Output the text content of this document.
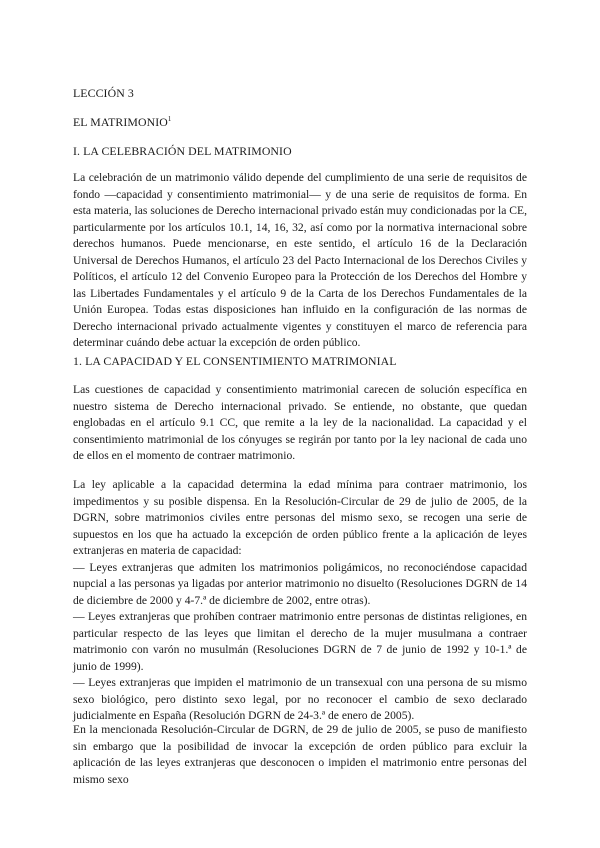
LECCIÓN 3
EL MATRIMONIO$^1$
I. LA CELEBRACIÓN DEL MATRIMONIO

La celebración de un matrimonio válido depende del cumplimiento de una serie de requisitos de fondo —capacidad y consentimiento matrimonial— y de una serie de requisitos de forma. En esta materia, las soluciones de Derecho internacional privado están muy condicionadas por la CE, particularmente por los artículos 10.1, 14, 16, 32, así como por la normativa internacional sobre derechos humanos. Puede mencionarse, en este sentido, el artículo 16 de la Declaración Universal de Derechos Humanos, el artículo 23 del Pacto Internacional de los Derechos Civiles y Políticos, el artículo 12 del Convenio Europeo para la Protección de los Derechos del Hombre y las Libertades Fundamentales y el artículo 9 de la Carta de los Derechos Fundamentales de la Unión Europea. Todas estas disposiciones han influido en la configuración de las normas de Derecho internacional privado actualmente vigentes y constituyen el marco de referencia para determinar cuándo debe actuar la excepción de orden público.

1. LA CAPACIDAD Y EL CONSENTIMIENTO MATRIMONIAL

Las cuestiones de capacidad y consentimiento matrimonial carecen de solución específica en nuestro sistema de Derecho internacional privado. Se entiende, no obstante, que quedan englobadas en el artículo 9.1 CC, que remite a la ley de la nacionalidad. La capacidad y el consentimiento matrimonial de los cónyuges se regirán por tanto por la ley nacional de cada uno de ellos en el momento de contraer matrimonio.

La ley aplicable a la capacidad determina la edad mínima para contraer matrimonio, los impedimentos y su posible dispensa. En la Resolución-Circular de 29 de julio de 2005, de la DGRN, sobre matrimonios civiles entre personas del mismo sexo, se recogen una serie de supuestos en los que ha actuado la excepción de orden público frente a la aplicación de leyes extranjeras en materia de capacidad:
— Leyes extranjeras que admiten los matrimonios poligámicos, no reconociéndose capacidad nupcial a las personas ya ligadas por anterior matrimonio no disuelto (Resoluciones DGRN de 14 de diciembre de 2000 y 4-7.ª de diciembre de 2002, entre otras).
— Leyes extranjeras que prohíben contraer matrimonio entre personas de distintas religiones, en particular respecto de las leyes que limitan el derecho de la mujer musulmana a contraer matrimonio con varón no musulmán (Resoluciones DGRN de 7 de junio de 1992 y 10-1.ª de junio de 1999).
— Leyes extranjeras que impiden el matrimonio de un transexual con una persona de su mismo sexo biológico, pero distinto sexo legal, por no reconocer el cambio de sexo declarado judicialmente en España (Resolución DGRN de 24-3.ª de enero de 2005).

En la mencionada Resolución-Circular de DGRN, de 29 de julio de 2005, se puso de manifiesto sin embargo que la posibilidad de invocar la excepción de orden público para excluir la aplicación de las leyes extranjeras que desconocen o impiden el matrimonio entre personas del mismo sexo
